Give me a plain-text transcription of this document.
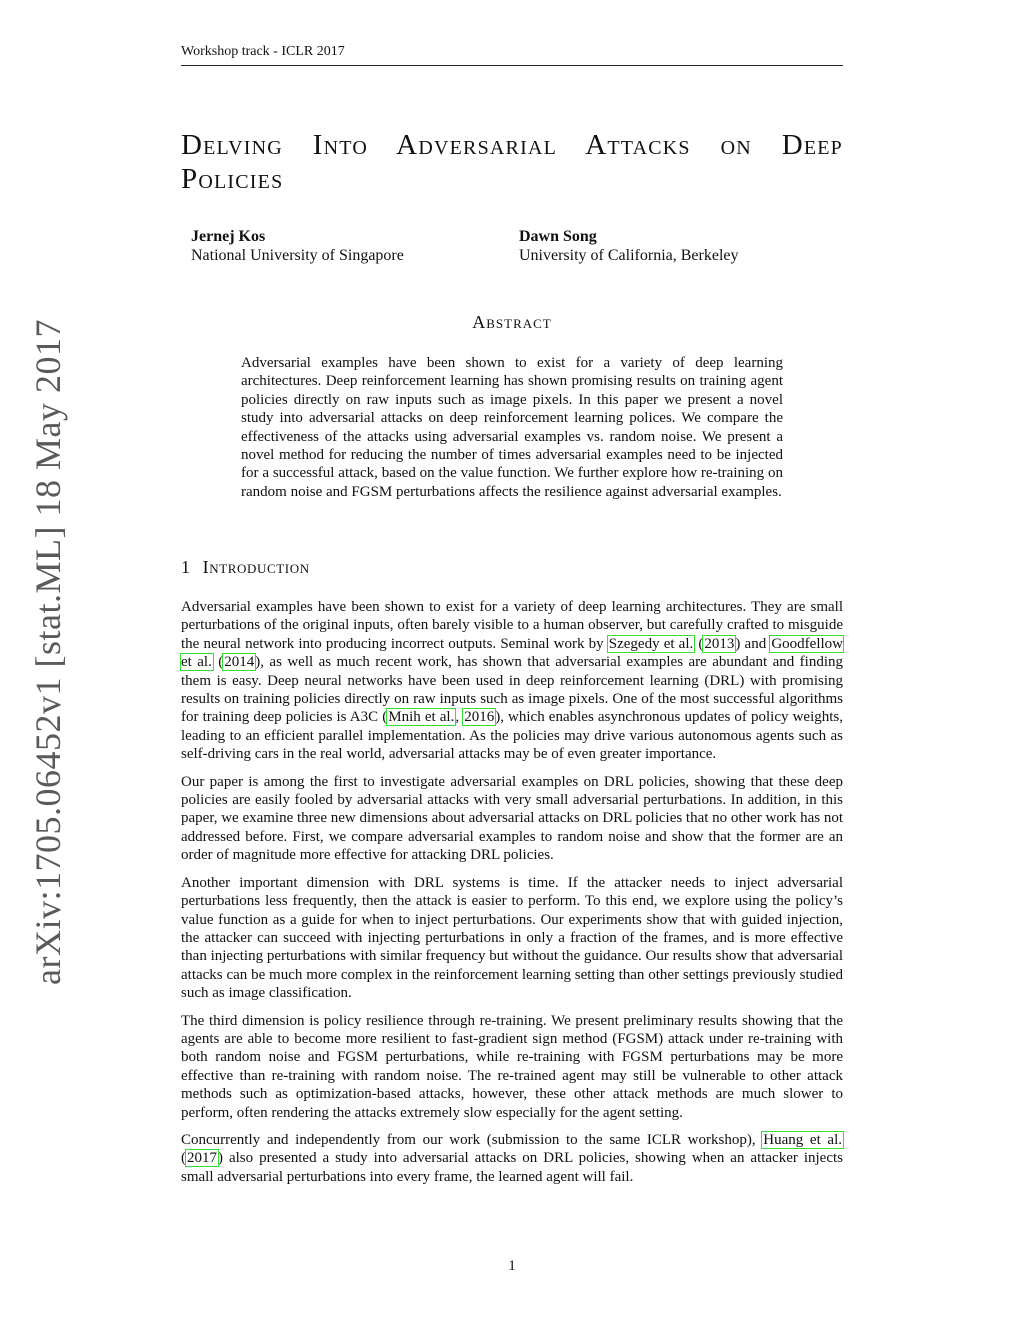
Workshop track - ICLR 2017
arXiv:1705.06452v1 [stat.ML] 18 May 2017
Delving Into Adversarial Attacks on Deep Policies
Jernej Kos
National University of Singapore
Dawn Song
University of California, Berkeley
Abstract
Adversarial examples have been shown to exist for a variety of deep learning architectures. Deep reinforcement learning has shown promising results on training agent policies directly on raw inputs such as image pixels. In this paper we present a novel study into adversarial attacks on deep reinforcement learning polices. We compare the effectiveness of the attacks using adversarial examples vs. random noise. We present a novel method for reducing the number of times adversarial examples need to be injected for a successful attack, based on the value function. We further explore how re-training on random noise and FGSM perturbations affects the resilience against adversarial examples.
1 Introduction

Adversarial examples have been shown to exist for a variety of deep learning architectures. They are small perturbations of the original inputs, often barely visible to a human observer, but carefully crafted to misguide the neural network into producing incorrect outputs. Seminal work by Szegedy et al. (2013) and Goodfellow et al. (2014), as well as much recent work, has shown that adversarial examples are abundant and finding them is easy. Deep neural networks have been used in deep reinforcement learning (DRL) with promising results on training policies directly on raw inputs such as image pixels. One of the most successful algorithms for training deep policies is A3C (Mnih et al., 2016), which enables asynchronous updates of policy weights, leading to an efficient parallel implementation. As the policies may drive various autonomous agents such as self-driving cars in the real world, adversarial attacks may be of even greater importance.

Our paper is among the first to investigate adversarial examples on DRL policies, showing that these deep policies are easily fooled by adversarial attacks with very small adversarial perturbations. In addition, in this paper, we examine three new dimensions about adversarial attacks on DRL policies that no other work has not addressed before. First, we compare adversarial examples to random noise and show that the former are an order of magnitude more effective for attacking DRL policies.

Another important dimension with DRL systems is time. If the attacker needs to inject adversarial perturbations less frequently, then the attack is easier to perform. To this end, we explore using the policy’s value function as a guide for when to inject perturbations. Our experiments show that with guided injection, the attacker can succeed with injecting perturbations in only a fraction of the frames, and is more effective than injecting perturbations with similar frequency but without the guidance. Our results show that adversarial attacks can be much more complex in the reinforcement learning setting than other settings previously studied such as image classification.

The third dimension is policy resilience through re-training. We present preliminary results showing that the agents are able to become more resilient to fast-gradient sign method (FGSM) attack under re-training with both random noise and FGSM perturbations, while re-training with FGSM perturbations may be more effective than re-training with random noise. The re-trained agent may still be vulnerable to other attack methods such as optimization-based attacks, however, these other attack methods are much slower to perform, often rendering the attacks extremely slow especially for the agent setting.

Concurrently and independently from our work (submission to the same ICLR workshop), Huang et al. (2017) also presented a study into adversarial attacks on DRL policies, showing when an attacker injects small adversarial perturbations into every frame, the learned agent will fail.

1
